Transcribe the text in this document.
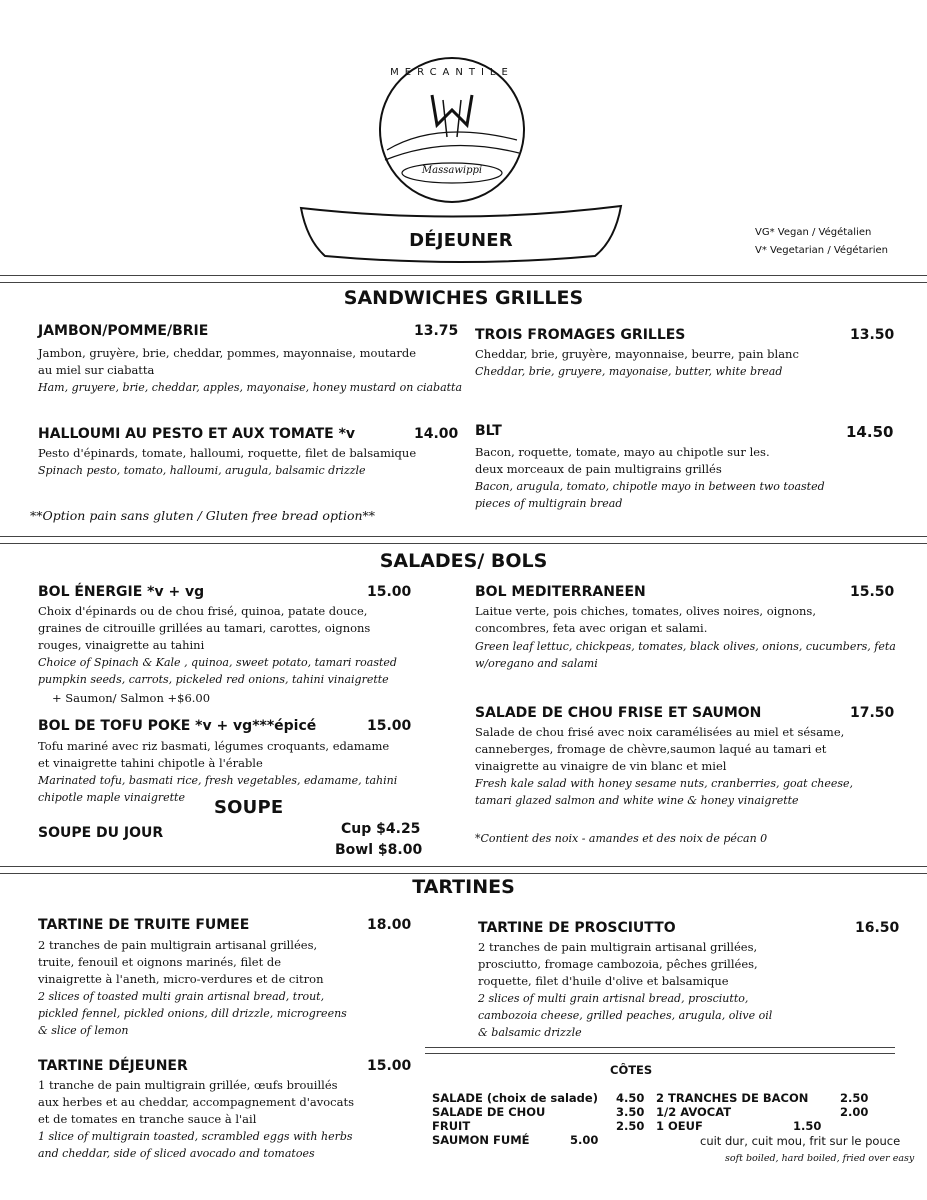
MERCANTILE
Massawippi
DÉJEUNER	VG* Vegan / Végétalien
V* Vegetarian / Végétarien
SANDWICHES GRILLES
JAMBON/POMME/BRIE	13.75
Jambon, gruyère, brie, cheddar, pommes, mayonnaise, moutarde
au miel sur ciabatta
Ham, gruyere, brie, cheddar, apples, mayonaise, honey mustard on ciabatta
TROIS FROMAGES GRILLES	13.50
Cheddar, brie, gruyère, mayonnaise, beurre, pain blanc
Cheddar, brie, gruyere, mayonaise, butter, white bread
HALLOUMI AU PESTO ET AUX TOMATE *v	14.00
Pesto d'épinards, tomate, halloumi, roquette, filet de balsamique
Spinach pesto, tomato, halloumi, arugula, balsamic drizzle
BLT	14.50
Bacon, roquette, tomate, mayo au chipotle sur les.
deux morceaux de pain multigrains grillés
Bacon, arugula, tomato, chipotle mayo in between two toasted
pieces of multigrain bread
**Option pain sans gluten / Gluten free bread option**
SALADES/ BOLS
BOL ÉNERGIE *v + vg	15.00
Choix d'épinards ou de chou frisé, quinoa, patate douce,
graines de citrouille grillées au tamari, carottes, oignons
rouges, vinaigrette au tahini
Choice of Spinach & Kale , quinoa, sweet potato, tamari roasted
pumpkin seeds, carrots, pickeled red onions, tahini vinaigrette
+ Saumon/ Salmon +$6.00
BOL MEDITERRANEEN	15.50
Laitue verte, pois chiches, tomates, olives noires, oignons,
concombres, feta avec origan et salami.
Green leaf lettuc, chickpeas, tomates, black olives, onions, cucumbers, feta
w/oregano and salami
BOL DE TOFU POKE *v + vg***épicé	15.00
Tofu mariné avec riz basmati, légumes croquants, edamame
et vinaigrette tahini chipotle à l'érable
Marinated tofu, basmati rice, fresh vegetables, edamame, tahini
chipotle maple vinaigrette
SALADE DE CHOU FRISE ET SAUMON	17.50
Salade de chou frisé avec noix caramélisées au miel et sésame,
canneberges, fromage de chèvre,saumon laqué au tamari et
vinaigrette au vinaigre de vin blanc et miel
Fresh kale salad with honey sesame nuts, cranberries, goat cheese,
tamari glazed salmon and white wine & honey vinaigrette
*Contient des noix - amandes et des noix de pécan 0
SOUPE
SOUPE DU JOUR	Cup $4.25
Bowl $8.00
TARTINES
TARTINE DE TRUITE FUMEE	18.00
2 tranches de pain multigrain artisanal grillées,
truite, fenouil et oignons marinés, filet de
vinaigrette à l'aneth, micro-verdures et de citron
2 slices of toasted multi grain artisnal bread, trout,
pickled fennel, pickled onions, dill drizzle, microgreens
& slice of lemon
TARTINE DE PROSCIUTTO	16.50
2 tranches de pain multigrain artisanal grillées,
prosciutto, fromage cambozoia, pêches grillées,
roquette, filet d'huile d'olive et balsamique
2 slices of multi grain artisnal bread, prosciutto,
cambozoia cheese, grilled peaches, arugula, olive oil
& balsamic drizzle
TARTINE DÉJEUNER	15.00
1 tranche de pain multigrain grillée, œufs brouillés
aux herbes et au cheddar, accompagnement d'avocats
et de tomates en tranche sauce à l'ail
1 slice of multigrain toasted, scrambled eggs with herbs
and cheddar, side of sliced avocado and tomatoes
CÔTES
SALADE (choix de salade) 4.50
SALADE DE CHOU	3.50
FRUIT	2.50
SAUMON FUMÉ	5.00
2 TRANCHES DE BACON	2.50
1/2 AVOCAT	2.00
1 OEUF	1.50
cuit dur, cuit mou, frit sur le pouce
soft boiled, hard boiled, fried over easy
